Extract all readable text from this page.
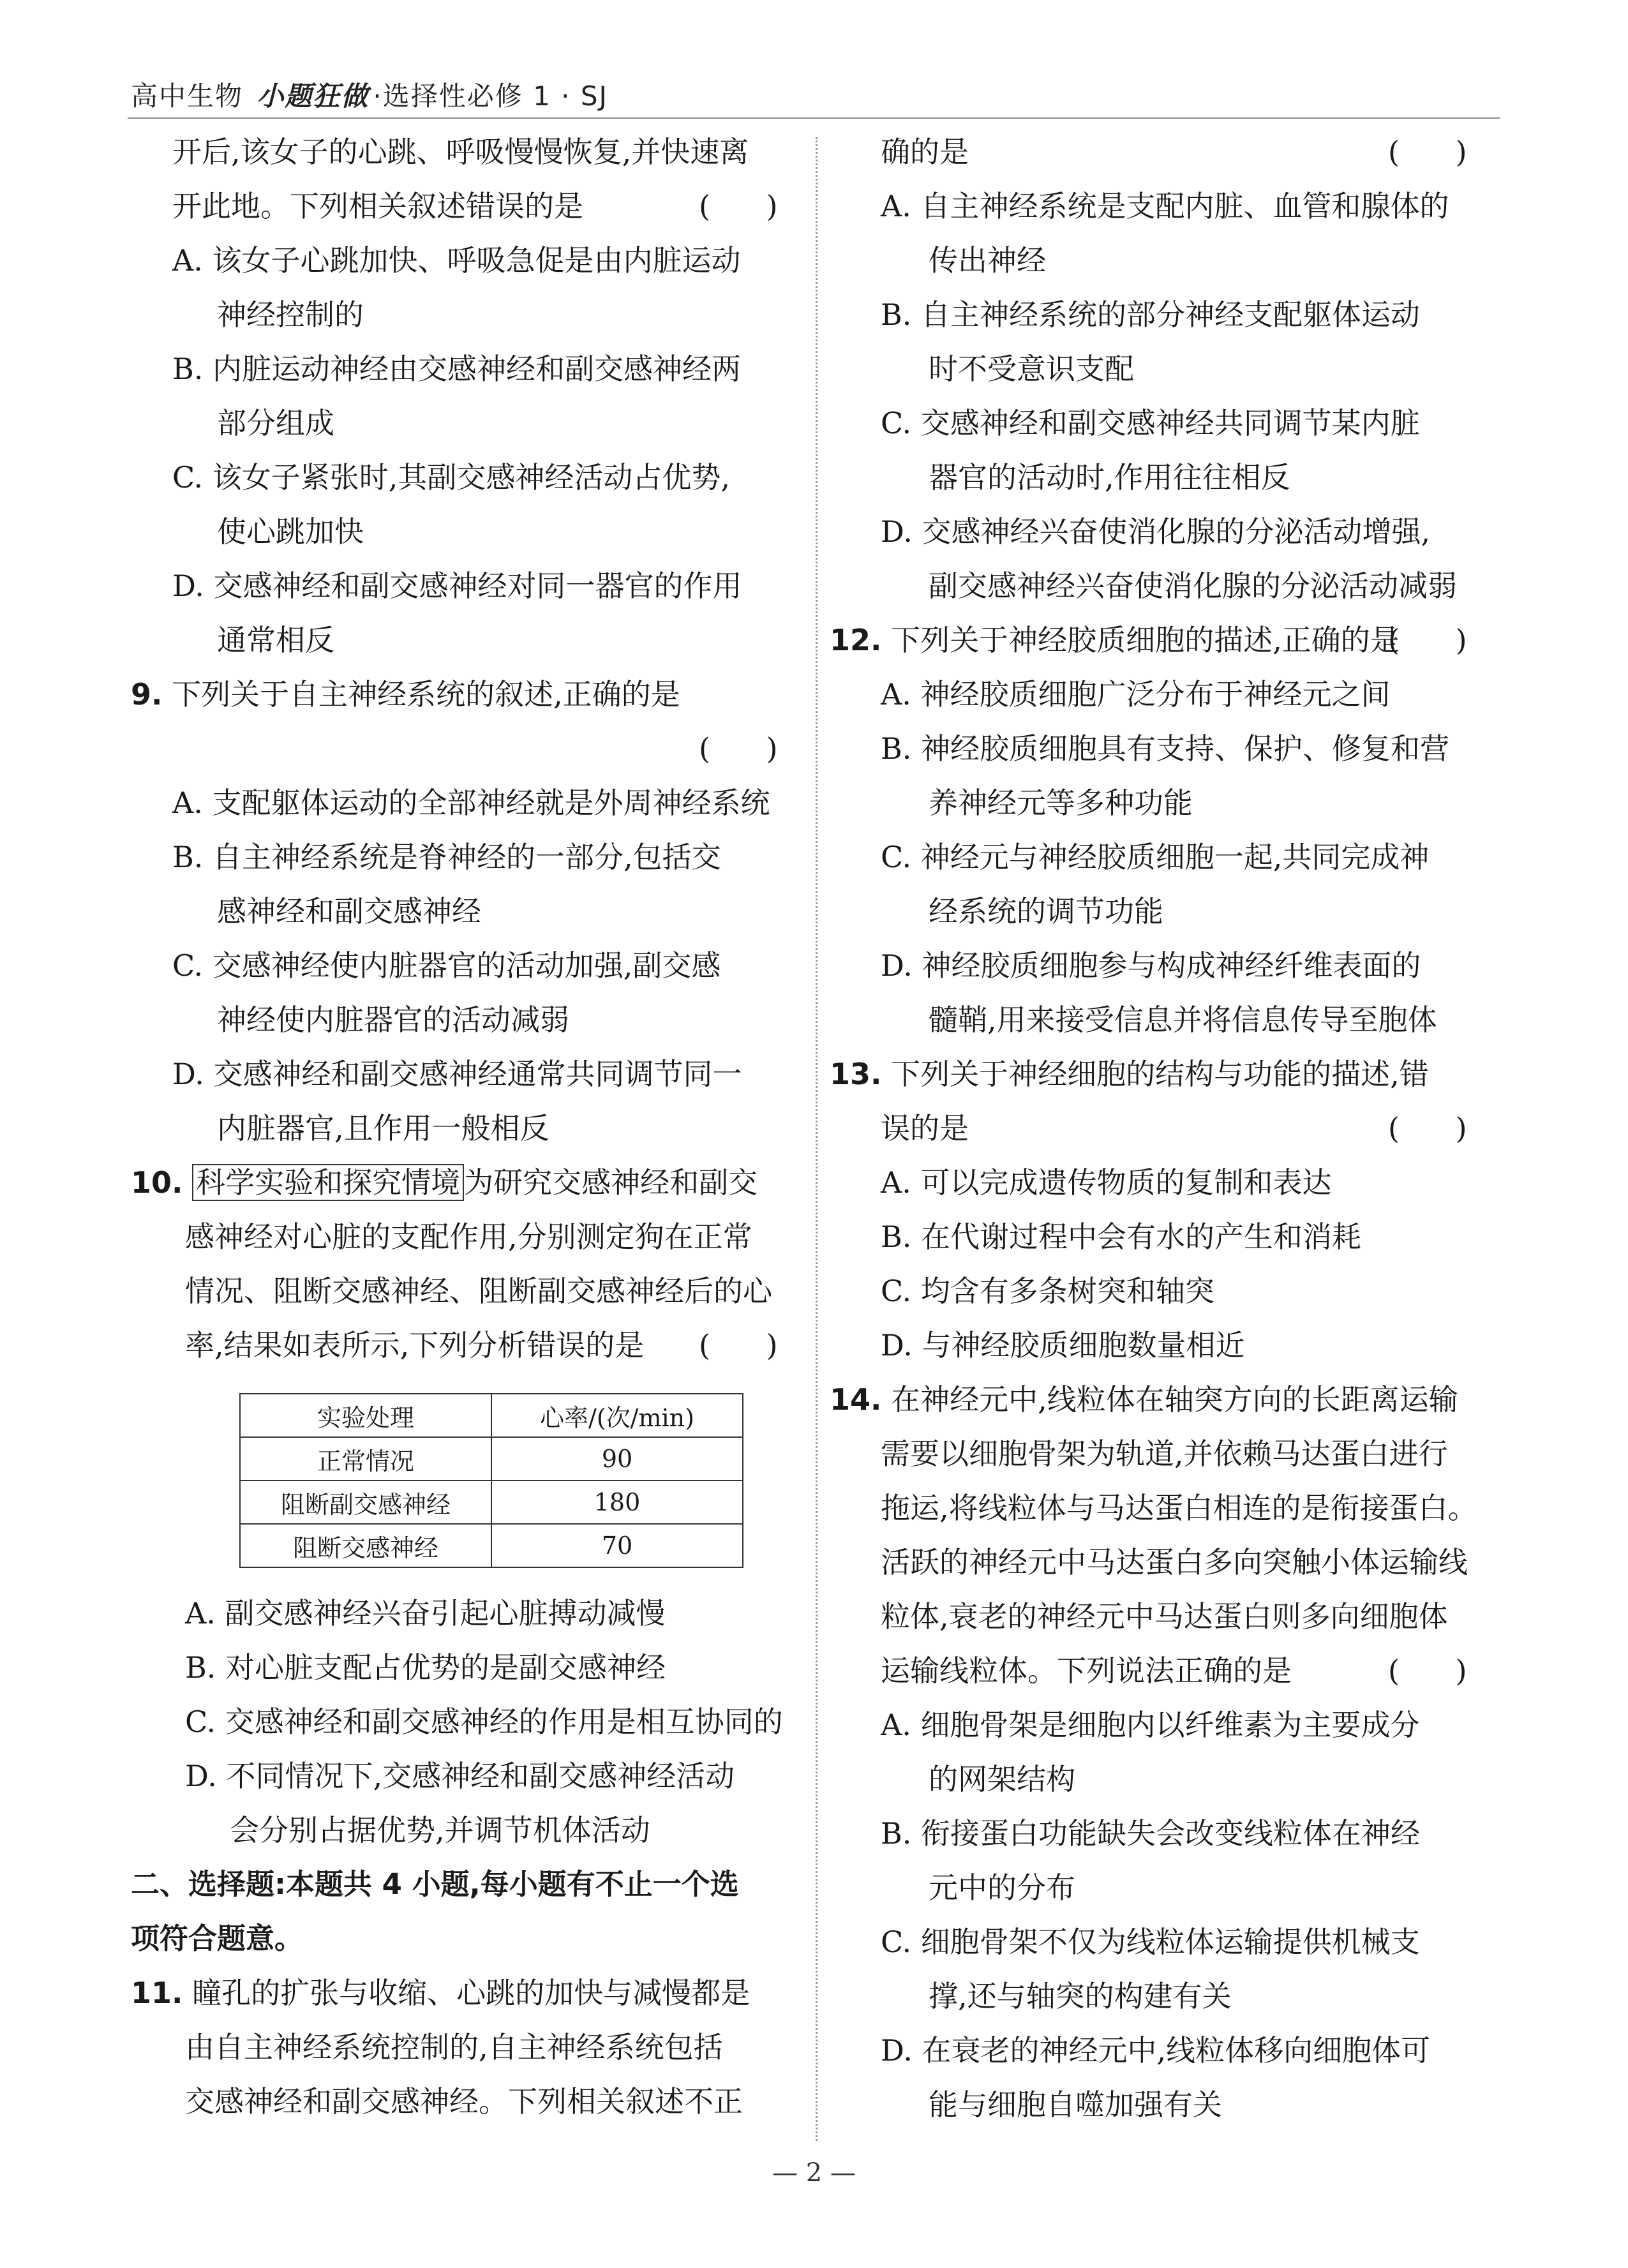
高中生物 小题狂做 ·选择性必修 1 · SJ
开后,该女子的心跳、呼吸慢慢恢复,并快速离
开此地。下列相关叙述错误的是	(      )
A. 该女子心跳加快、呼吸急促是由内脏运动
神经控制的
B. 内脏运动神经由交感神经和副交感神经两
部分组成
C. 该女子紧张时,其副交感神经活动占优势,
使心跳加快
D. 交感神经和副交感神经对同一器官的作用
通常相反
9. 下列关于自主神经系统的叙述,正确的是
(      )
A. 支配躯体运动的全部神经就是外周神经系统
B. 自主神经系统是脊神经的一部分,包括交
感神经和副交感神经
C. 交感神经使内脏器官的活动加强,副交感
神经使内脏器官的活动减弱
D. 交感神经和副交感神经通常共同调节同一
内脏器官,且作用一般相反
10. 科学实验和探究情境 为研究交感神经和副交
感神经对心脏的支配作用,分别测定狗在正常
情况、阻断交感神经、阻断副交感神经后的心
率,结果如表所示,下列分析错误的是 (      )
实验处理	心率/(次/min)
正常情况	90
阻断副交感神经	180
阻断交感神经	70
A. 副交感神经兴奋引起心脏搏动减慢
B. 对心脏支配占优势的是副交感神经
C. 交感神经和副交感神经的作用是相互协同的
D. 不同情况下,交感神经和副交感神经活动
会分别占据优势,并调节机体活动
二、选择题:本题共 4 小题,每小题有不止一个选
项符合题意。
11. 瞳孔的扩张与收缩、心跳的加快与减慢都是
由自主神经系统控制的,自主神经系统包括
交感神经和副交感神经。下列相关叙述不正
确的是	(      )
A. 自主神经系统是支配内脏、血管和腺体的
传出神经
B. 自主神经系统的部分神经支配躯体运动
时不受意识支配
C. 交感神经和副交感神经共同调节某内脏
器官的活动时,作用往往相反
D. 交感神经兴奋使消化腺的分泌活动增强,
副交感神经兴奋使消化腺的分泌活动减弱
12. 下列关于神经胶质细胞的描述,正确的是
(      )
A. 神经胶质细胞广泛分布于神经元之间
B. 神经胶质细胞具有支持、保护、修复和营
养神经元等多种功能
C. 神经元与神经胶质细胞一起,共同完成神
经系统的调节功能
D. 神经胶质细胞参与构成神经纤维表面的
髓鞘,用来接受信息并将信息传导至胞体
13. 下列关于神经细胞的结构与功能的描述,错
误的是	(      )
A. 可以完成遗传物质的复制和表达
B. 在代谢过程中会有水的产生和消耗
C. 均含有多条树突和轴突
D. 与神经胶质细胞数量相近
14. 在神经元中,线粒体在轴突方向的长距离运输
需要以细胞骨架为轨道,并依赖马达蛋白进行
拖运,将线粒体与马达蛋白相连的是衔接蛋白。
活跃的神经元中马达蛋白多向突触小体运输线
粒体,衰老的神经元中马达蛋白则多向细胞体
运输线粒体。下列说法正确的是	(      )
A. 细胞骨架是细胞内以纤维素为主要成分
的网架结构
B. 衔接蛋白功能缺失会改变线粒体在神经
元中的分布
C. 细胞骨架不仅为线粒体运输提供机械支
撑,还与轴突的构建有关
D. 在衰老的神经元中,线粒体移向细胞体可
能与细胞自噬加强有关
— 2 —
